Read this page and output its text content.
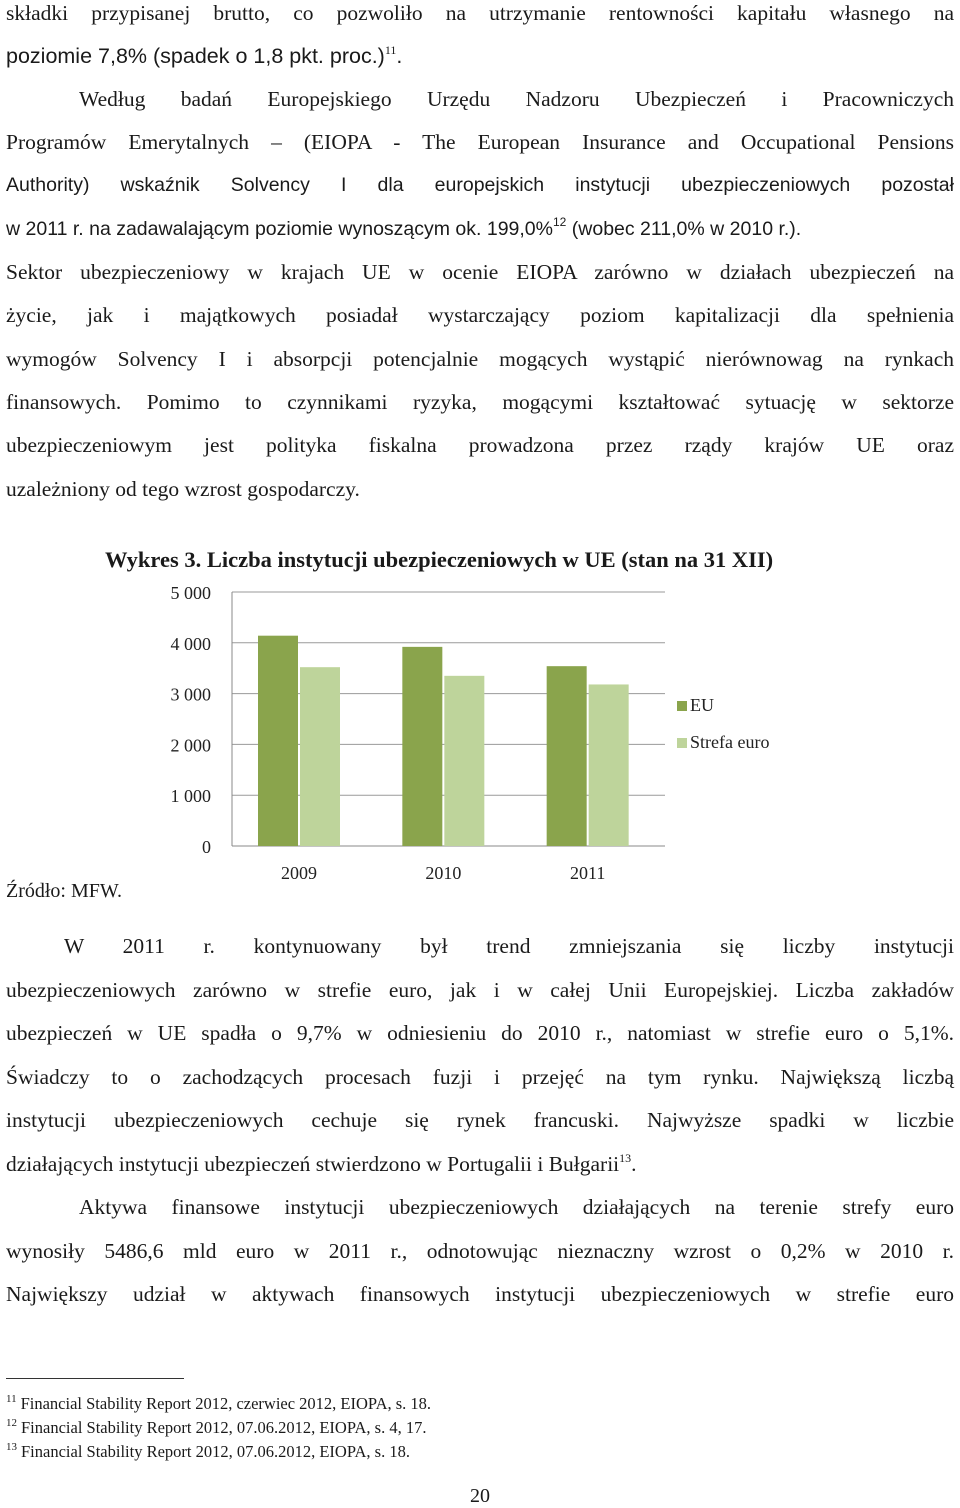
składki przypisanej brutto, co pozwoliło na utrzymanie rentowności kapitału własnego na
poziomie 7,8% (spadek o 1,8 pkt. proc.)$^{11}$.
Według badań Europejskiego Urzędu Nadzoru Ubezpieczeń i Pracowniczych
Programów Emerytalnych – (EIOPA - The European Insurance and Occupational Pensions
Authority) wskaźnik Solvency I dla europejskich instytucji ubezpieczeniowych pozostał
w 2011 r. na zadawalającym poziomie wynoszącym ok. 199,0%$^{12}$ (wobec 211,0% w 2010 r.).
Sektor ubezpieczeniowy w krajach UE w ocenie EIOPA zarówno w działach ubezpieczeń na
życie, jak i majątkowych posiadał wystarczający poziom kapitalizacji dla spełnienia
wymogów Solvency I i absorpcji potencjalnie mogących wystąpić nierównowag na rynkach
finansowych. Pomimo to czynnikami ryzyka, mogącymi kształtować sytuację w sektorze
ubezpieczeniowym jest polityka fiskalna prowadzona przez rządy krajów UE oraz
uzależniony od tego wzrost gospodarczy.
Wykres 3. Liczba instytucji ubezpieczeniowych w UE (stan na 31 XII)
0
1 000
2 000
3 000
4 000
5 000
2009	2010	2011
EU
Strefa euro
Źródło: MFW.
W 2011 r. kontynuowany był trend zmniejszania się liczby instytucji
ubezpieczeniowych zarówno w strefie euro, jak i w całej Unii Europejskiej. Liczba zakładów
ubezpieczeń w UE spadła o 9,7% w odniesieniu do 2010 r., natomiast w strefie euro o 5,1%.
Świadczy to o zachodzących procesach fuzji i przejęć na tym rynku. Największą liczbą
instytucji ubezpieczeniowych cechuje się rynek francuski. Najwyższe spadki w liczbie
działających instytucji ubezpieczeń stwierdzono w Portugalii i Bułgarii$^{13}$.
Aktywa finansowe instytucji ubezpieczeniowych działających na terenie strefy euro
wynosiły 5486,6 mld euro w 2011 r., odnotowując nieznaczny wzrost o 0,2% w 2010 r.
Największy udział w aktywach finansowych instytucji ubezpieczeniowych w strefie euro
$^{11}$ Financial Stability Report 2012, czerwiec 2012, EIOPA, s. 18.
$^{12}$ Financial Stability Report 2012, 07.06.2012, EIOPA, s. 4, 17.
$^{13}$ Financial Stability Report 2012, 07.06.2012, EIOPA, s. 18.
20
